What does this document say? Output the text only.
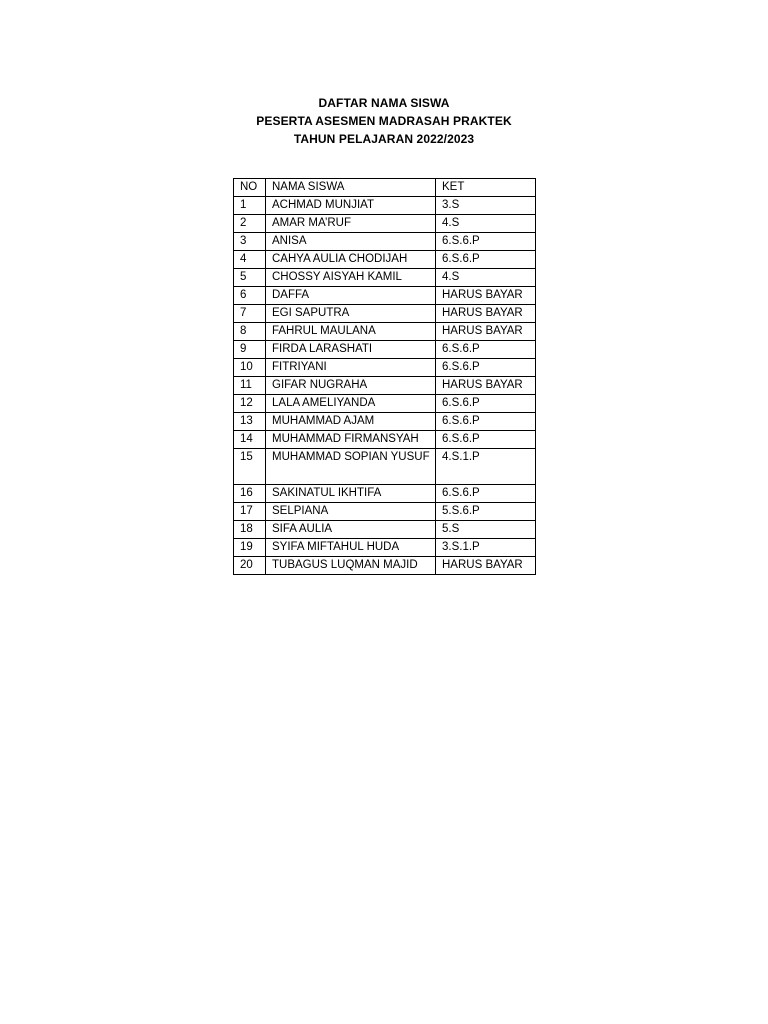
DAFTAR NAMA SISWA
PESERTA ASESMEN MADRASAH PRAKTEK
TAHUN PELAJARAN 2022/2023
NO	NAMA SISWA	KET
1	ACHMAD MUNJIAT	3.S
2	AMAR MA’RUF	4.S
3	ANISA	6.S.6.P
4	CAHYA AULIA CHODIJAH	6.S.6.P
5	CHOSSY AISYAH KAMIL	4.S
6	DAFFA	HARUS BAYAR
7	EGI SAPUTRA	HARUS BAYAR
8	FAHRUL MAULANA	HARUS BAYAR
9	FIRDA LARASHATI	6.S.6.P
10	FITRIYANI	6.S.6.P
11	GIFAR NUGRAHA	HARUS BAYAR
12	LALA AMELIYANDA	6.S.6.P
13	MUHAMMAD AJAM	6.S.6.P
14	MUHAMMAD FIRMANSYAH	6.S.6.P
15	MUHAMMAD SOPIAN YUSUF	4.S.1.P
16	SAKINATUL IKHTIFA	6.S.6.P
17	SELPIANA	5.S.6.P
18	SIFA AULIA	5.S
19	SYIFA MIFTAHUL HUDA	3.S.1.P
20	TUBAGUS LUQMAN MAJID	HARUS BAYAR
